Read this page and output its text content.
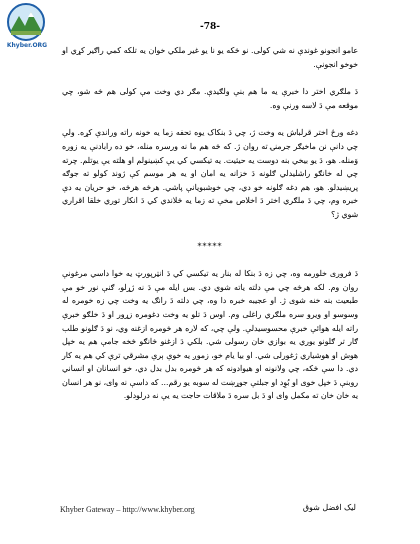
Khyber.ORG
-78-

عامو انجونو غوندې نه شي کولی. نو څکه یو نا یو غیر ملکي خوان یه تلکه کمي راګیر کړي او خوخو انجونې.

دَ ملګري اختر دا خبرې یه ما هم بنې ولګیدې. مګر دي وخت مې کولی هم څه شو، چي موقعه مې دَ لاسه ورنې وه.

دغه ورځ اختر قرلباش یه وخت ژ، چي دَ بنکاک یوه تحفه زما یه خونه راته وراندې کړه. ولې چي دانې نن ماخیګر جرمنۍ ته روان ژ. که څه هم ما نه ورسره منله، خو ده رابادنې یه زوره وَمنله. هو، دَ یو بیخي بنه دوست یه حیثیت. یه تیکسي کي یې کښینولم او هلته یې یوتلم. چرته چي له خانګو راشلیدلي ګلونه دَ خزانه یه امان او یه هر موسم کې ژوند کولو ته جوګه پریښیدلو. هو، هم دغه ګلونه خو دي، چي خوشبویانې پاشي. هرڅه هرڅه، خو حریان یه دې خبره وم، چي دَ ملګري اختر دَ اخلاص مخې ته زما یه څلاندي کي دَ انکار توري خلقا اقراري شوي ژ؟

*****

دَ فروری خلورمه وه، چي زه دَ بنکا له بنار یه تیکسي کي دَ انټرپورټ یه خوا داسي مرغونې روان وم. لکه هرڅه چي مې دلته یاته شوي دي. بس ایله مې دَ نه ژړلو، ګنې نور خو مې طبعیت بنه خنه شوی ژ. او عجیبه خبره دا وه، چي دلته دَ رانګ یه وخت چي زه خومره له وسوسو او ویرو سره ملګري راغلی وم. اوس دَ تلو یه وخت دغومره زړور او دَ خلګو خبرې راته ایله هوائې خبرې محسوسیدلې. ولې چي، که لاره هر څومره ازغنه وي، نو دَ ګلونو طلب ګار تر ګلونو یوري یه بوازي خان رسولی شي. بلکي دَ ازغنو څانګو څخه جامې هم یه خپل هوش او هوشیاري ژغورلی شي. او بیا یام خو، زموږ یه خوې ېرې مشرقي ترې کي هم یه کار دي. دا سې څکه، چي ولانونه او هیوادونه که هر څومره بدل بدل دي، خو انسانان او انساني روبنې دَ خپل خوی او بُوِد او جبلتې جوړښت له سوبه یو رقم... که داسې نه وای، نو هر انسان یه خان خان ته مکمل وای او دَ بل سره دَ ملاقات حاجت یه یې نه درلودلو.

Khyber Gateway – http://www.khyber.org	لیک افضل شوق
